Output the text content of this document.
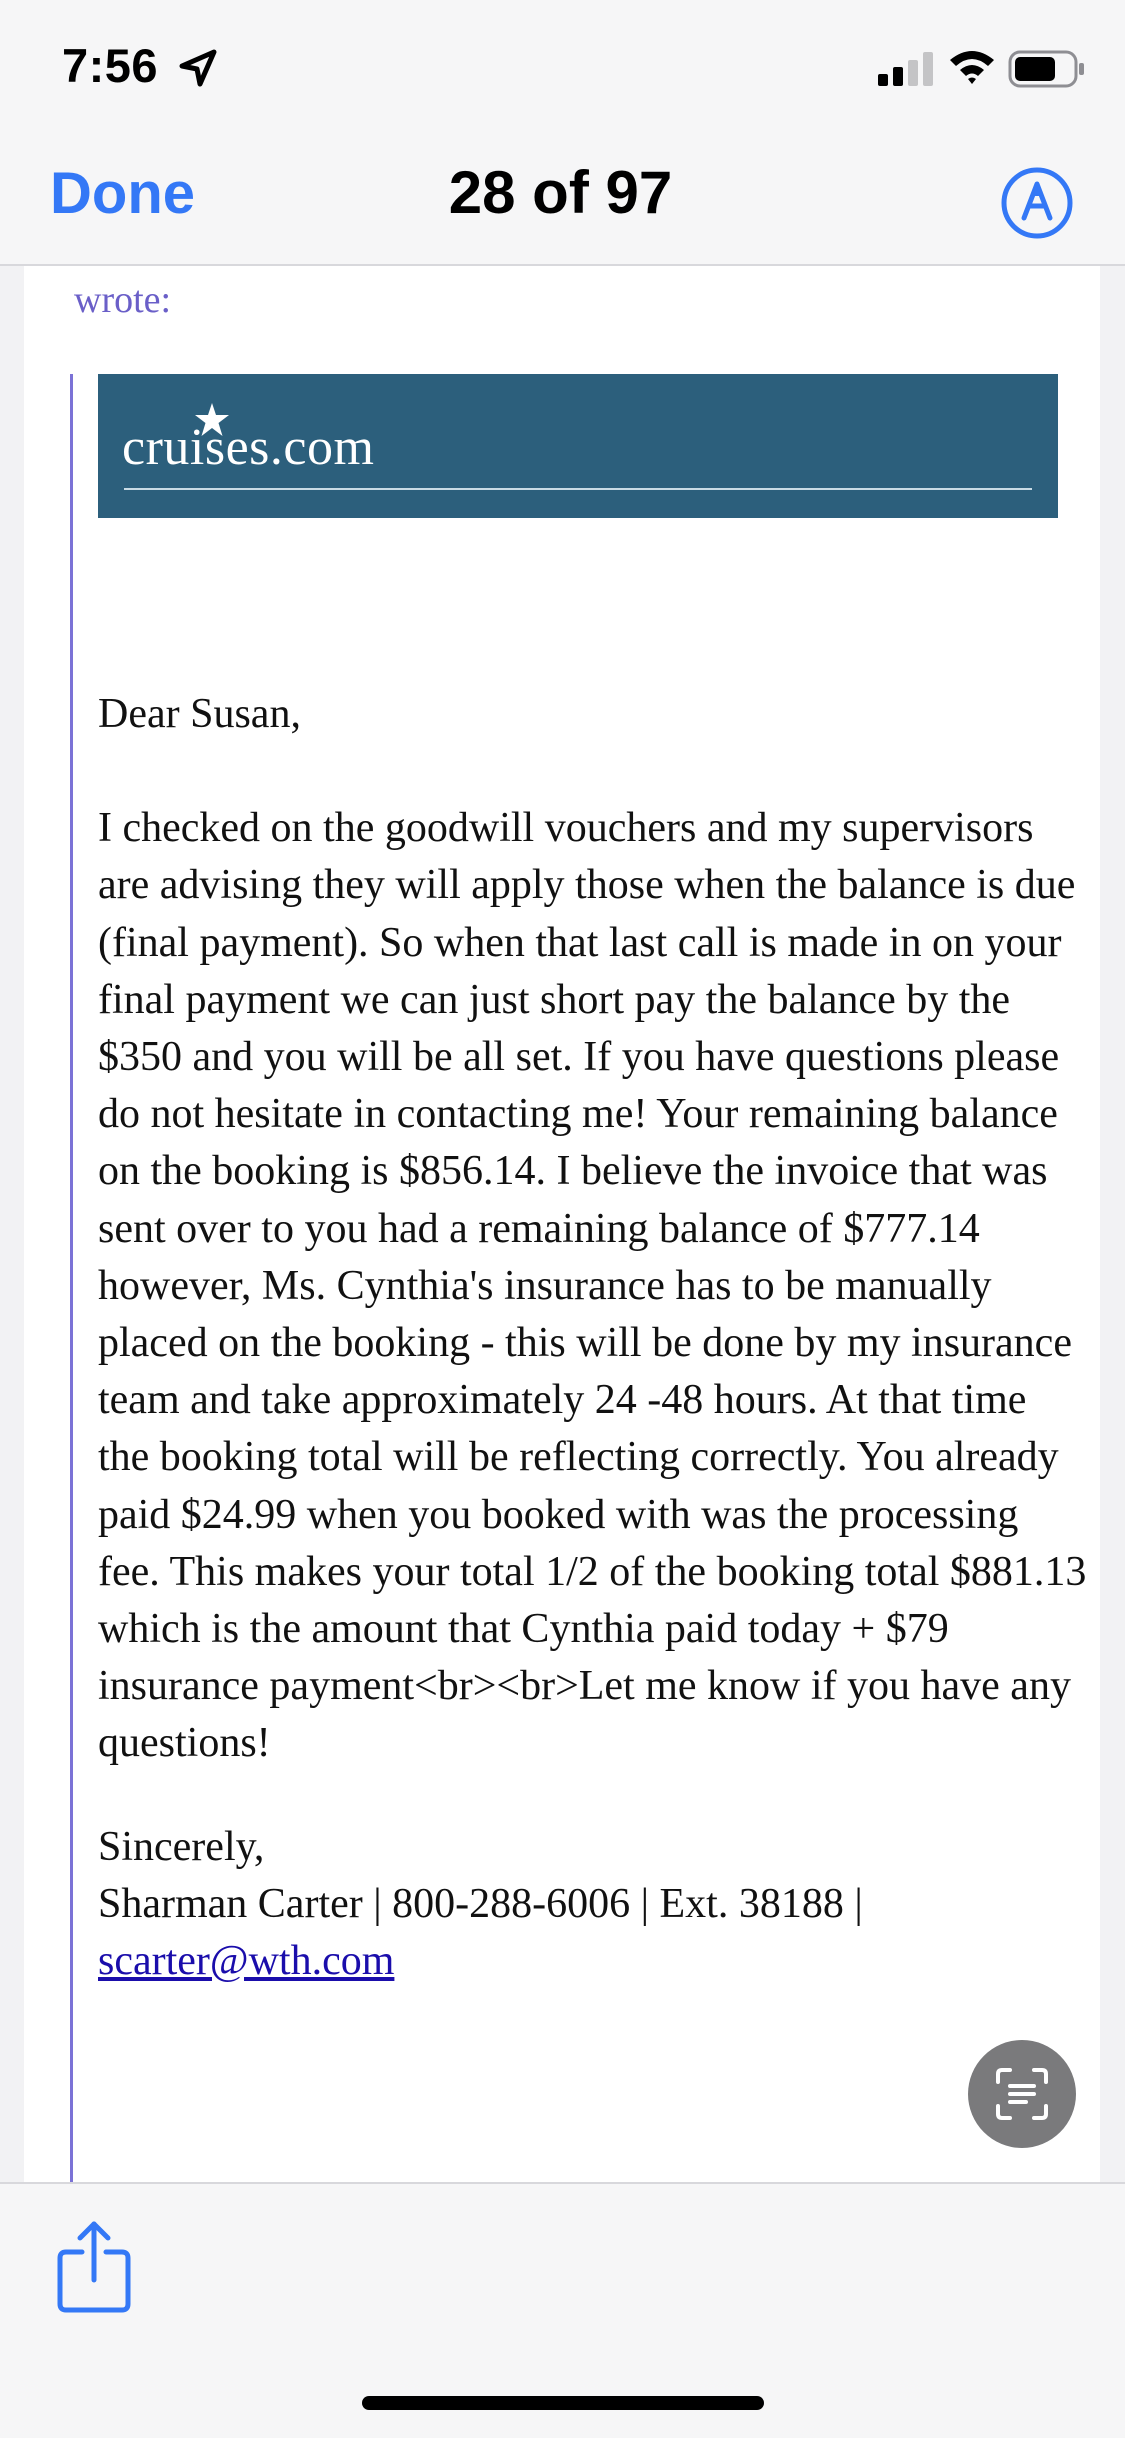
7:56
Done	28 of 97
wrote:
cruises.com

Dear Susan,

I checked on the goodwill vouchers and my supervisors are advising they will apply those when the balance is due (final payment). So when that last call is made in on your final payment we can just short pay the balance by the $350 and you will be all set. If you have questions please do not hesitate in contacting me! Your remaining balance on the booking is $856.14. I believe the invoice that was sent over to you had a remaining balance of $777.14 however, Ms. Cynthia's insurance has to be manually placed on the booking - this will be done by my insurance team and take approximately 24 -48 hours. At that time the booking total will be reflecting correctly. You already paid $24.99 when you booked with was the processing fee. This makes your total 1/2 of the booking total $881.13 which is the amount that Cynthia paid today + $79 insurance payment<br><br>Let me know if you have any questions!

Sincerely,

Sharman Carter | 800-288-6006 | Ext. 38188 |

scarter@wth.com
